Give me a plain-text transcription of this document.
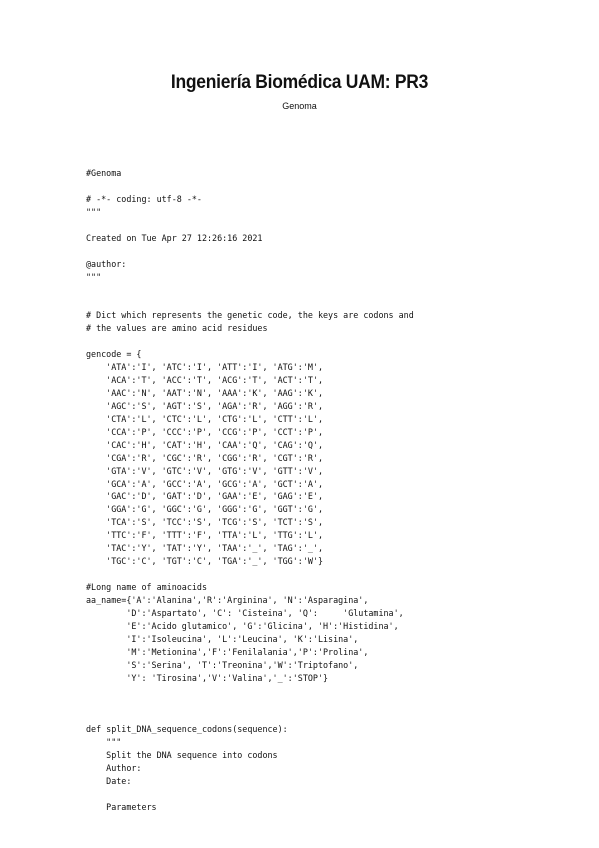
Ingeniería Biomédica UAM: PR3
Genoma
#Genoma

# -*- coding: utf-8 -*-
"""

Created on Tue Apr 27 12:26:16 2021

@author:
"""

# Dict which represents the genetic code, the keys are codons and
# the values are amino acid residues

gencode = {
'ATA':'I', 'ATC':'I', 'ATT':'I', 'ATG':'M',
'ACA':'T', 'ACC':'T', 'ACG':'T', 'ACT':'T',
'AAC':'N', 'AAT':'N', 'AAA':'K', 'AAG':'K',
'AGC':'S', 'AGT':'S', 'AGA':'R', 'AGG':'R',
'CTA':'L', 'CTC':'L', 'CTG':'L', 'CTT':'L',
'CCA':'P', 'CCC':'P', 'CCG':'P', 'CCT':'P',
'CAC':'H', 'CAT':'H', 'CAA':'Q', 'CAG':'Q',
'CGA':'R', 'CGC':'R', 'CGG':'R', 'CGT':'R',
'GTA':'V', 'GTC':'V', 'GTG':'V', 'GTT':'V',
'GCA':'A', 'GCC':'A', 'GCG':'A', 'GCT':'A',
'GAC':'D', 'GAT':'D', 'GAA':'E', 'GAG':'E',
'GGA':'G', 'GGC':'G', 'GGG':'G', 'GGT':'G',
'TCA':'S', 'TCC':'S', 'TCG':'S', 'TCT':'S',
'TTC':'F', 'TTT':'F', 'TTA':'L', 'TTG':'L',
'TAC':'Y', 'TAT':'Y', 'TAA':'_', 'TAG':'_',
'TGC':'C', 'TGT':'C', 'TGA':'_', 'TGG':'W'}

#Long name of aminoacids
aa_name={'A':'Alanina','R':'Arginina', 'N':'Asparagina',
'D':'Aspartato', 'C': 'Cisteina', 'Q':     'Glutamina',
'E':'Acido glutamico', 'G':'Glicina', 'H':'Histidina',
'I':'Isoleucina', 'L':'Leucina', 'K':'Lisina',
'M':'Metionina','F':'Fenilalania','P':'Prolina',
'S':'Serina', 'T':'Treonina','W':'Triptofano',
'Y': 'Tirosina','V':'Valina','_':'STOP'}

def split_DNA_sequence_codons(sequence):
"""
Split the DNA sequence into codons
Author:
Date:

Parameters
